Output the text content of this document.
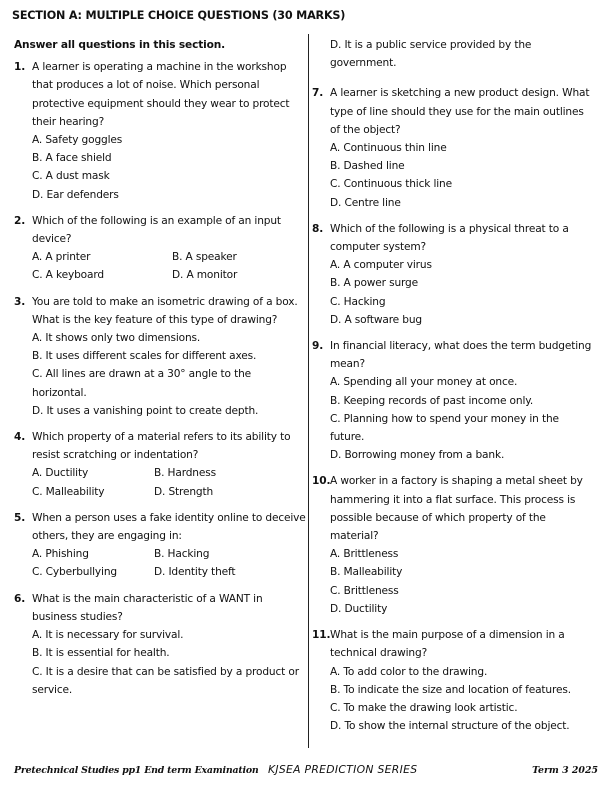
SECTION A: MULTIPLE CHOICE QUESTIONS (30 MARKS)
Answer all questions in this section.
1. A learner is operating a machine in the workshop that produces a lot of noise. Which personal protective equipment should they wear to protect their hearing?
A. Safety goggles
B. A face shield
C. A dust mask
D. Ear defenders
2. Which of the following is an example of an input device?
A. A printer	B. A speaker
C. A keyboard	D. A monitor
3. You are told to make an isometric drawing of a box. What is the key feature of this type of drawing?
A. It shows only two dimensions.
B. It uses different scales for different axes.
C. All lines are drawn at a 30° angle to the horizontal.
D. It uses a vanishing point to create depth.
4. Which property of a material refers to its ability to resist scratching or indentation?
A. Ductility	B. Hardness
C. Malleability	D. Strength
5. When a person uses a fake identity online to deceive others, they are engaging in:
A. Phishing	B. Hacking
C. Cyberbullying	D. Identity theft
6. What is the main characteristic of a WANT in business studies?
A. It is necessary for survival.
B. It is essential for health.
C. It is a desire that can be satisfied by a product or service.
D. It is a public service provided by the government.
7. A learner is sketching a new product design. What type of line should they use for the main outlines of the object?
A. Continuous thin line
B. Dashed line
C. Continuous thick line
D. Centre line
8. Which of the following is a physical threat to a computer system?
A. A computer virus
B. A power surge
C. Hacking
D. A software bug
9. In financial literacy, what does the term budgeting mean?
A. Spending all your money at once.
B. Keeping records of past income only.
C. Planning how to spend your money in the future.
D. Borrowing money from a bank.
10. A worker in a factory is shaping a metal sheet by hammering it into a flat surface. This process is possible because of which property of the material?
A. Brittleness
B. Malleability
C. Brittleness
D. Ductility
11. What is the main purpose of a dimension in a technical drawing?
A. To add color to the drawing.
B. To indicate the size and location of features.
C. To make the drawing look artistic.
D. To show the internal structure of the object.
Pretechnical Studies pp1 End term Examination KJSEA PREDICTION SERIES	Term 3 2025
